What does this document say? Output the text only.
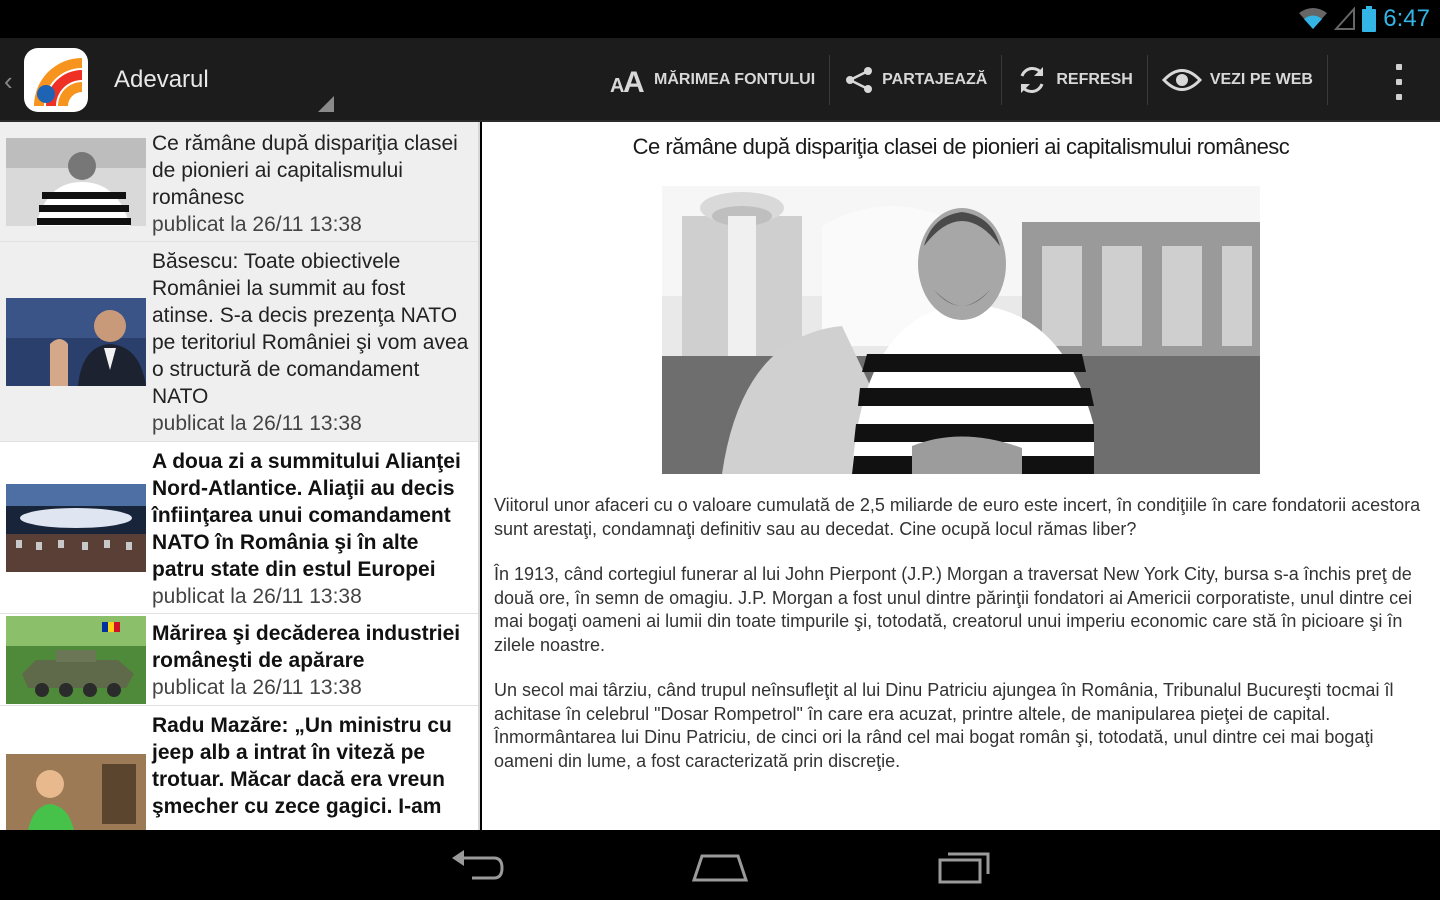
6:47
‹	Adevarul	A
A MĂRIMEA FONTULUI	PARTAJEAZĂ	REFRESH	VEZI PE WEB
Ce rămâne după dispariţia clasei de pionieri ai capitalismului românesc
publicat la 26/11 13:38
Băsescu: Toate obiectivele României la summit au fost atinse. S-a decis prezenţa NATO pe teritoriul României şi vom avea o structură de comandament NATO
publicat la 26/11 13:38
A doua zi a summitului Alianţei Nord-Atlantice. Aliaţii au decis înfiinţarea unui comandament NATO în România şi în alte patru state din estul Europei
publicat la 26/11 13:38
Mărirea şi decăderea industriei româneşti de apărare
publicat la 26/11 13:38
Radu Mazăre: „Un ministru cu jeep alb a intrat în viteză pe trotuar. Măcar dacă era vreun şmecher cu zece gagici. I-am
Ce rămâne după dispariţia clasei de pionieri ai capitalismului românesc

Viitorul unor afaceri cu o valoare cumulată de 2,5 miliarde de euro este incert, în condiţiile în care fondatorii acestora sunt arestaţi, condamnaţi definitiv sau au decedat. Cine ocupă locul rămas liber?

În 1913, când cortegiul funerar al lui John Pierpont (J.P.) Morgan a traversat New York City, bursa s-a închis preţ de două ore, în semn de omagiu. J.P. Morgan a fost unul dintre părinţii fondatori ai Americii corporatiste, unul dintre cei mai bogaţi oameni ai lumii din toate timpurile şi, totodată, creatorul unui imperiu economic care stă în picioare şi în zilele noastre.

Un secol mai târziu, când trupul neînsufleţit al lui Dinu Patriciu ajungea în România, Tribunalul Bucureşti tocmai îl achitase în celebrul "Dosar Rompetrol" în care era acuzat, printre altele, de manipularea pieţei de capital. Înmormântarea lui Dinu Patriciu, de cinci ori la rând cel mai bogat român şi, totodată, unul dintre cei mai bogaţi oameni din lume, a fost caracterizată prin discreţie.
